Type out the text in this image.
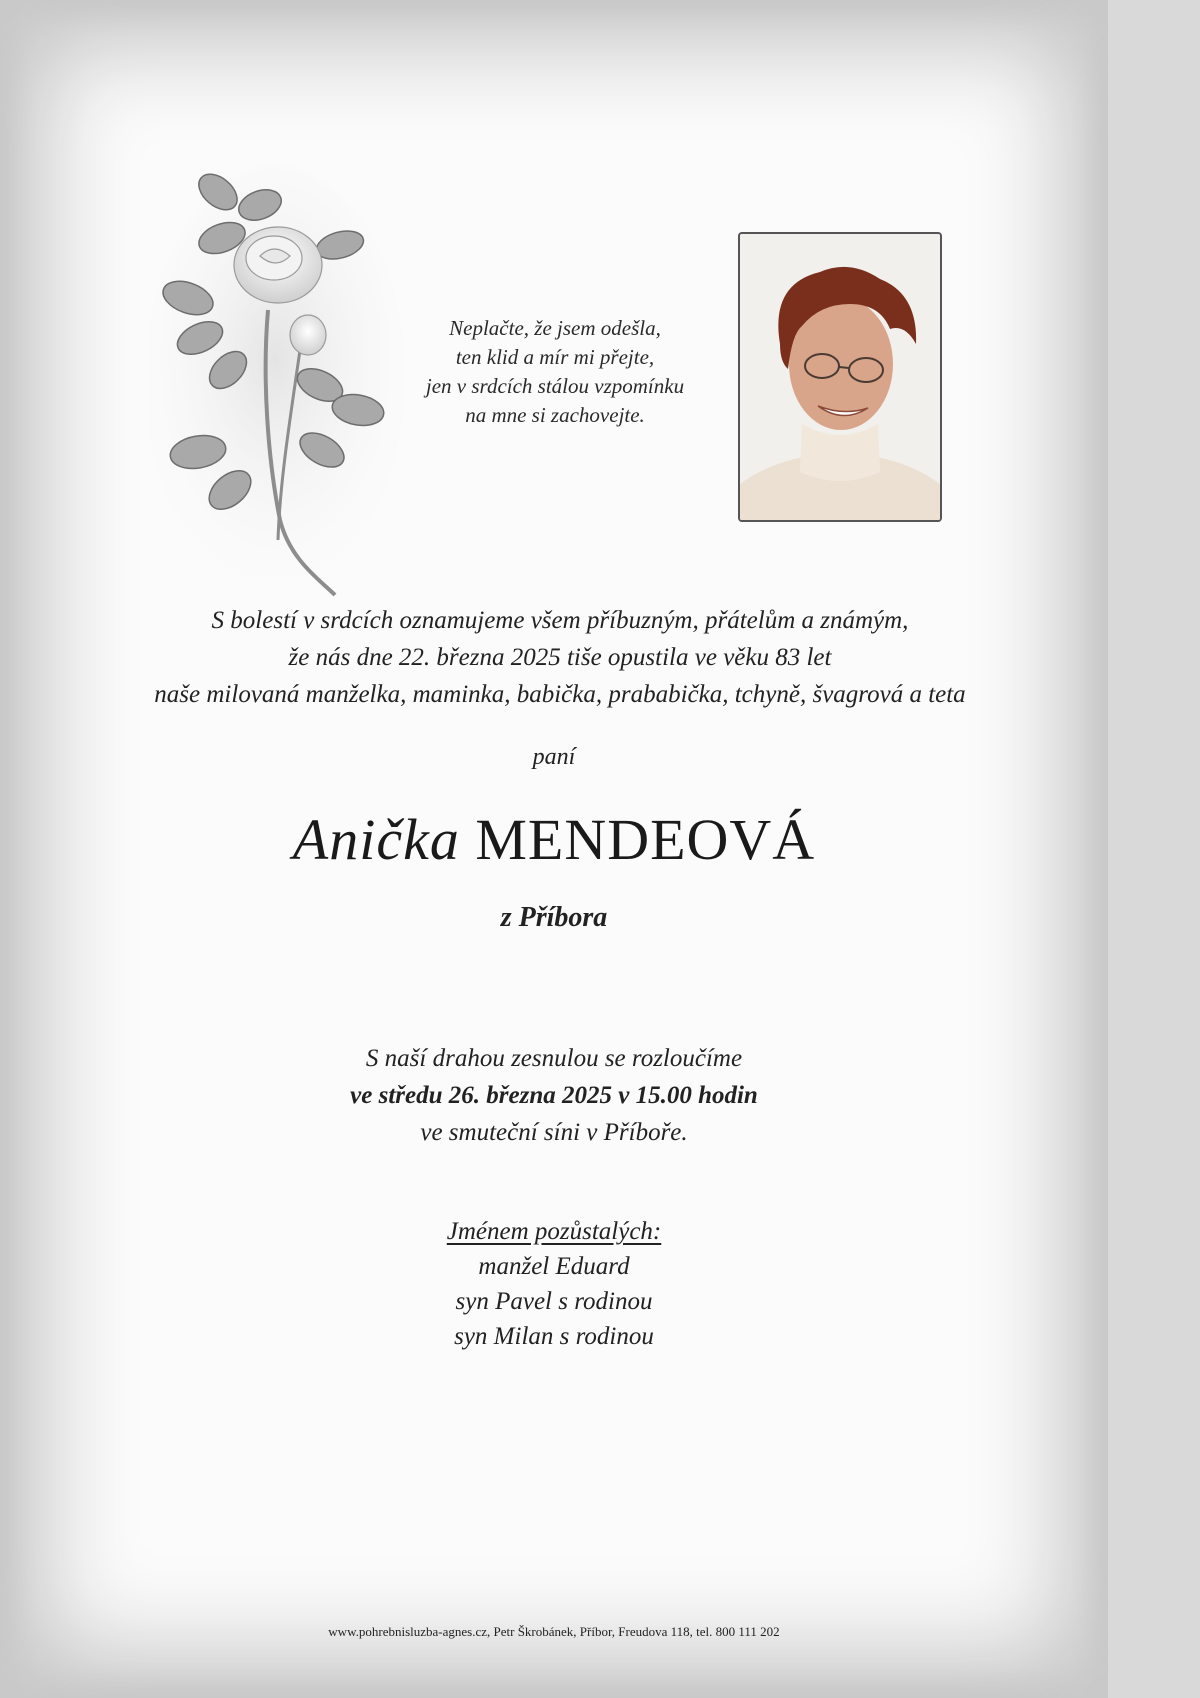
Neplačte, že jsem odešla,
ten klid a mír mi přejte,
jen v srdcích stálou vzpomínku
na mne si zachovejte.
S bolestí v srdcích oznamujeme všem příbuzným, přátelům a známým,
že nás dne 22. března 2025 tiše opustila ve věku 83 let
naše milovaná manželka, maminka, babička, prababička, tchyně, švagrová a teta
paní
Anička MENDEOVÁ
z Příbora
S naší drahou zesnulou se rozloučíme
ve středu 26. března 2025 v 15.00 hodin
ve smuteční síni v Příboře.
Jménem pozůstalých:
manžel Eduard
syn Pavel s rodinou
syn Milan s rodinou
www.pohrebnisluzba-agnes.cz, Petr Škrobánek, Příbor, Freudova 118, tel. 800 111 202
